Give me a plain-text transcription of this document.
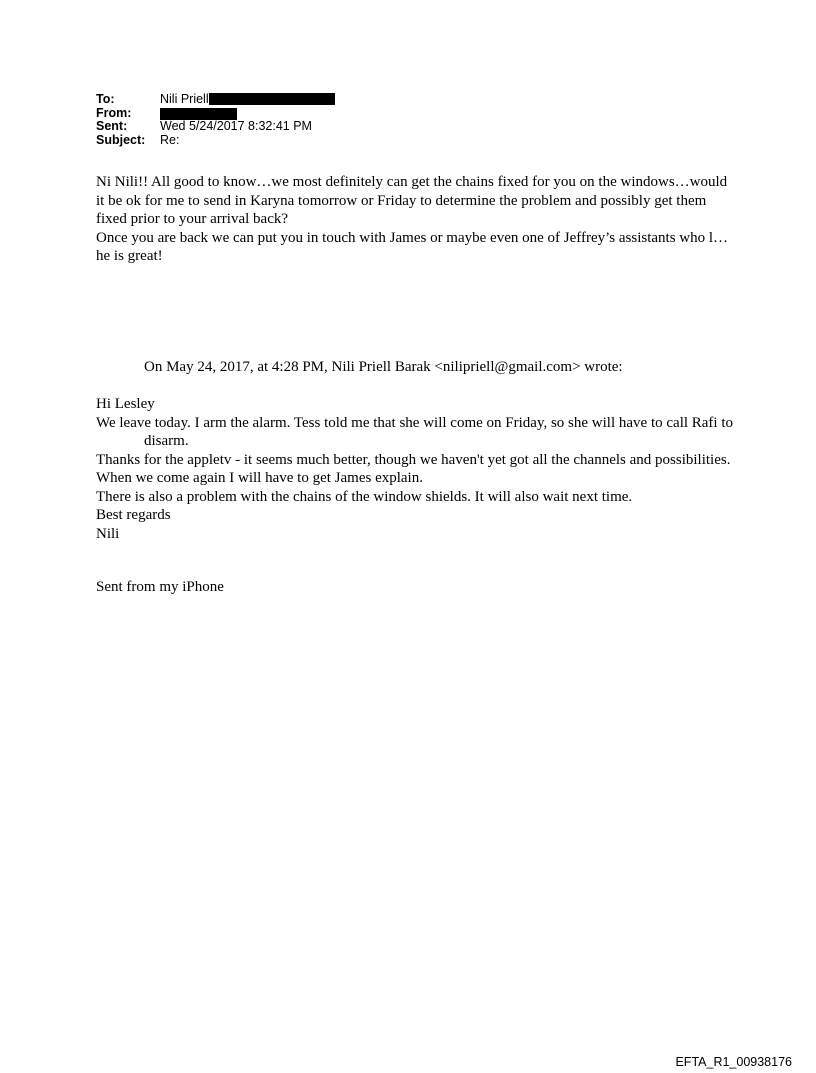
To:	Nili Priell
From:
Sent:	Wed 5/24/2017 8:32:41 PM
Subject: Re:

Ni Nili!! All good to know…we most definitely can get the chains fixed for you on the windows…would it be ok for me to send in Karyna tomorrow or Friday to determine the problem and possibly get them fixed prior to your arrival back?

Once you are back we can put you in touch with James or maybe even one of Jeffrey’s assistants who l…he is great!

On May 24, 2017, at 4:28 PM, Nili Priell Barak <nilipriell@gmail.com> wrote:

Hi Lesley

We leave today. I arm the alarm. Tess told me that she will come on Friday, so she will have to call Rafi to disarm.

Thanks for the appletv - it seems much better, though we haven't yet got all the channels and possibilities.

When we come again I will have to get James explain.

There is also a problem with the chains of the window shields. It will also wait next time.

Best regards

Nili

Sent from my iPhone
EFTA_R1_00938176
